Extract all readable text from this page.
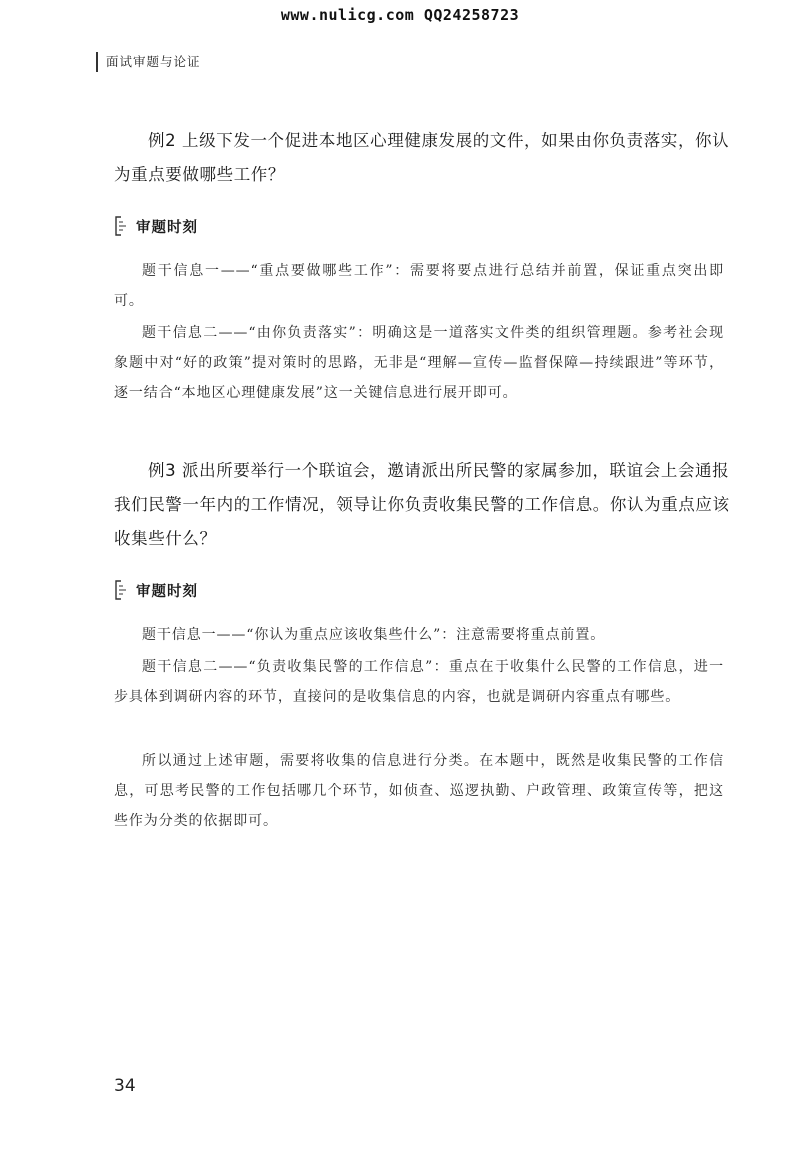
www.nulicg.com QQ24258723
面试审题与论证

例2 上级下发一个促进本地区心理健康发展的文件，如果由你负责落实，你认为重点要做哪些工作？

审题时刻

题干信息一——“重点要做哪些工作”：需要将要点进行总结并前置，保证重点突出即可。

题干信息二——“由你负责落实”：明确这是一道落实文件类的组织管理题。参考社会现象题中对“好的政策”提对策时的思路，无非是“理解—宣传—监督保障—持续跟进”等环节，逐一结合“本地区心理健康发展”这一关键信息进行展开即可。

例3 派出所要举行一个联谊会，邀请派出所民警的家属参加，联谊会上会通报我们民警一年内的工作情况，领导让你负责收集民警的工作信息。你认为重点应该收集些什么？

审题时刻

题干信息一——“你认为重点应该收集些什么”：注意需要将重点前置。

题干信息二——“负责收集民警的工作信息”：重点在于收集什么民警的工作信息，进一步具体到调研内容的环节，直接问的是收集信息的内容，也就是调研内容重点有哪些。

所以通过上述审题，需要将收集的信息进行分类。在本题中，既然是收集民警的工作信息，可思考民警的工作包括哪几个环节，如侦查、巡逻执勤、户政管理、政策宣传等，把这些作为分类的依据即可。

34
